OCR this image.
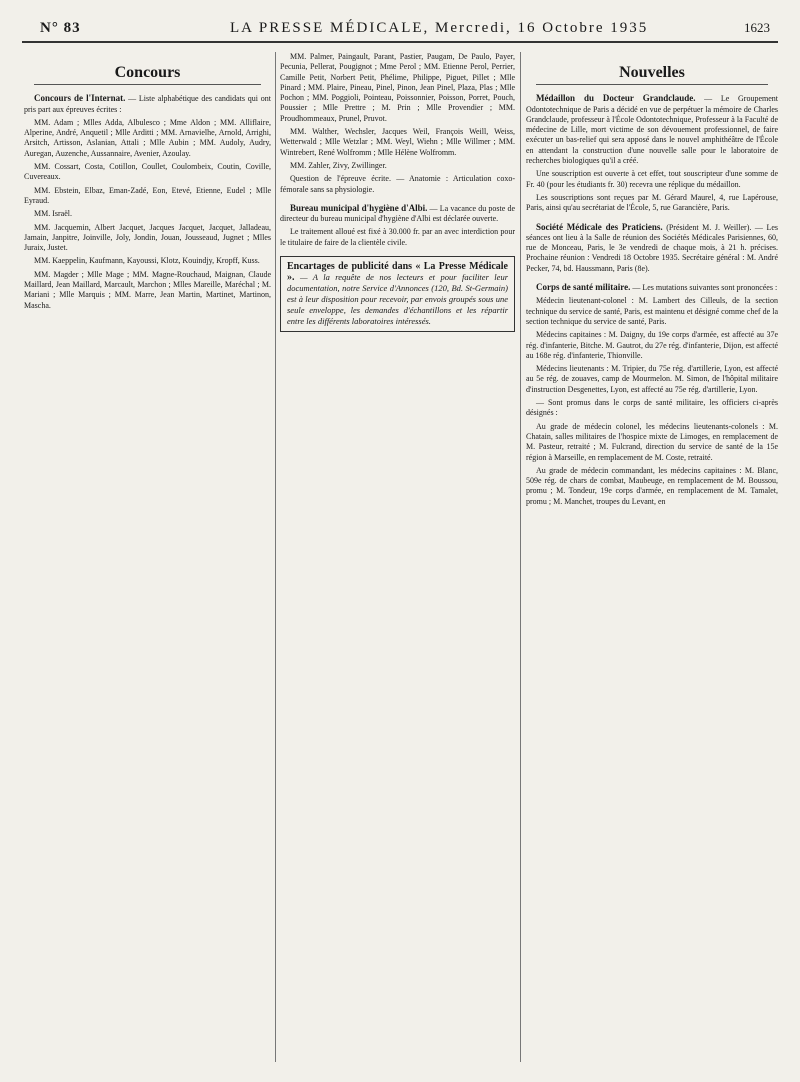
N° 83	LA PRESSE MÉDICALE, Mercredi, 16 Octobre 1935	1623
Concours

Concours de l'Internat. — Liste alphabétique des candidats qui ont pris part aux épreuves écrites :

MM. Adam ; Mlles Adda, Albulesco ; Mme Aldon ; MM. Alliflaire, Alperine, André, Anquetil ; Mlle Arditti ; MM. Arnavielhe, Arnold, Arrighi, Arsitch, Artisson, Aslanian, Attali ; Mlle Aubin ; MM. Audoly, Audry, Auregan, Auzenche, Aussannaire, Avenier, Azoulay.

MM. Cossart, Costa, Cotillon, Coullet, Coulombeix, Coutin, Coville, Cuvereaux.

MM. Ebstein, Elbaz, Eman-Zadé, Eon, Etevé, Etienne, Eudel ; Mlle Eyraud.

MM. Israël.

MM. Jacquemin, Albert Jacquet, Jacques Jacquet, Jacquet, Jalladeau, Jamain, Janpitre, Joinville, Joly, Jondin, Jouan, Jousseaud, Jugnet ; Mlles Juraix, Justet.

MM. Kaeppelin, Kaufmann, Kayoussi, Klotz, Kouindjy, Kropff, Kuss.

MM. Magder ; Mlle Mage ; MM. Magne-Rouchaud, Maignan, Claude Maillard, Jean Maillard, Marcault, Marchon ; Mlles Mareille, Maréchal ; M. Mariani ; Mlle Marquis ; MM. Marre, Jean Martin, Martinet, Martinon, Mascha.

MM. Palmer, Paingault, Parant, Pastier, Paugam, De Paulo, Payer, Pecunia, Pellerat, Pougignot ; Mme Perol ; MM. Etienne Perol, Perrier, Camille Petit, Norbert Petit, Phélime, Philippe, Piguet, Pillet ; Mlle Pinard ; MM. Plaire, Pineau, Pinel, Pinon, Jean Pinel, Plaza, Plas ; Mlle Pochon ; MM. Poggioli, Pointeau, Poissonnier, Poisson, Porret, Pouch, Poussier ; Mlle Prettre ; M. Prin ; Mlle Provendier ; MM. Proudhommeaux, Prunel, Pruvot.

MM. Walther, Wechsler, Jacques Weil, François Weill, Weiss, Wetterwald ; Mlle Wetzlar ; MM. Weyl, Wiehn ; Mlle Willmer ; MM. Wintrebert, René Wolfromm ; Mlle Hélène Wolfromm.

MM. Zahler, Zivy, Zwillinger.

Question de l'épreuve écrite. — Anatomie : Articulation coxo-fémorale sans sa physiologie.

Bureau municipal d'hygiène d'Albi. — La vacance du poste de directeur du bureau municipal d'hygiène d'Albi est déclarée ouverte.

Le traitement alloué est fixé à 30.000 fr. par an avec interdiction pour le titulaire de faire de la clientèle civile.

Encartages de publicité dans « La Presse Médicale ». — A la requête de nos lecteurs et pour faciliter leur documentation, notre Service d'Annonces (120, Bd. St-Germain) est à leur disposition pour recevoir, par envois groupés sous une seule enveloppe, les demandes d'échantillons et les répartir entre les différents laboratoires intéressés.
Nouvelles

Médaillon du Docteur Grandclaude. — Le Groupement Odontotechnique de Paris a décidé en vue de perpétuer la mémoire de Charles Grandclaude, professeur à l'École Odontotechnique, Professeur à la Faculté de médecine de Lille, mort victime de son dévouement professionnel, de faire exécuter un bas-relief qui sera apposé dans le nouvel amphithéâtre de l'École en attendant la construction d'une nouvelle salle pour le laboratoire de recherches biologiques qu'il a créé.

Une souscription est ouverte à cet effet, tout souscripteur d'une somme de Fr. 40 (pour les étudiants fr. 30) recevra une réplique du médaillon.

Les souscriptions sont reçues par M. Gérard Maurel, 4, rue Lapérouse, Paris, ainsi qu'au secrétariat de l'École, 5, rue Garancière, Paris.

Société Médicale des Praticiens. (Président M. J. Weiller). — Les séances ont lieu à la Salle de réunion des Sociétés Médicales Parisiennes, 60, rue de Monceau, Paris, le 3e vendredi de chaque mois, à 21 h. précises. Prochaine réunion : Vendredi 18 Octobre 1935. Secrétaire général : M. André Pecker, 74, bd. Haussmann, Paris (8e).

Corps de santé militaire. — Les mutations suivantes sont prononcées :

Médecin lieutenant-colonel : M. Lambert des Cilleuls, de la section technique du service de santé, Paris, est maintenu et désigné comme chef de la section technique du service de santé, Paris.

Médecins capitaines : M. Daigny, du 19e corps d'armée, est affecté au 37e rég. d'infanterie, Bitche. M. Gautrot, du 27e rég. d'infanterie, Dijon, est affecté au 168e rég. d'infanterie, Thionville.

Médecins lieutenants : M. Tripier, du 75e rég. d'artillerie, Lyon, est affecté au 5e rég. de zouaves, camp de Mourmelon. M. Simon, de l'hôpital militaire d'instruction Desgenettes, Lyon, est affecté au 75e rég. d'artillerie, Lyon.

— Sont promus dans le corps de santé militaire, les officiers ci-après désignés :

Au grade de médecin colonel, les médecins lieutenants-colonels : M. Chatain, salles militaires de l'hospice mixte de Limoges, en remplacement de M. Pasteur, retraité ; M. Fulcrand, direction du service de santé de la 15e région à Marseille, en remplacement de M. Coste, retraité.

Au grade de médecin commandant, les médecins capitaines : M. Blanc, 509e rég. de chars de combat, Maubeuge, en remplacement de M. Boussou, promu ; M. Tondeur, 19e corps d'armée, en remplacement de M. Tamalet, promu ; M. Manchet, troupes du Levant, en
